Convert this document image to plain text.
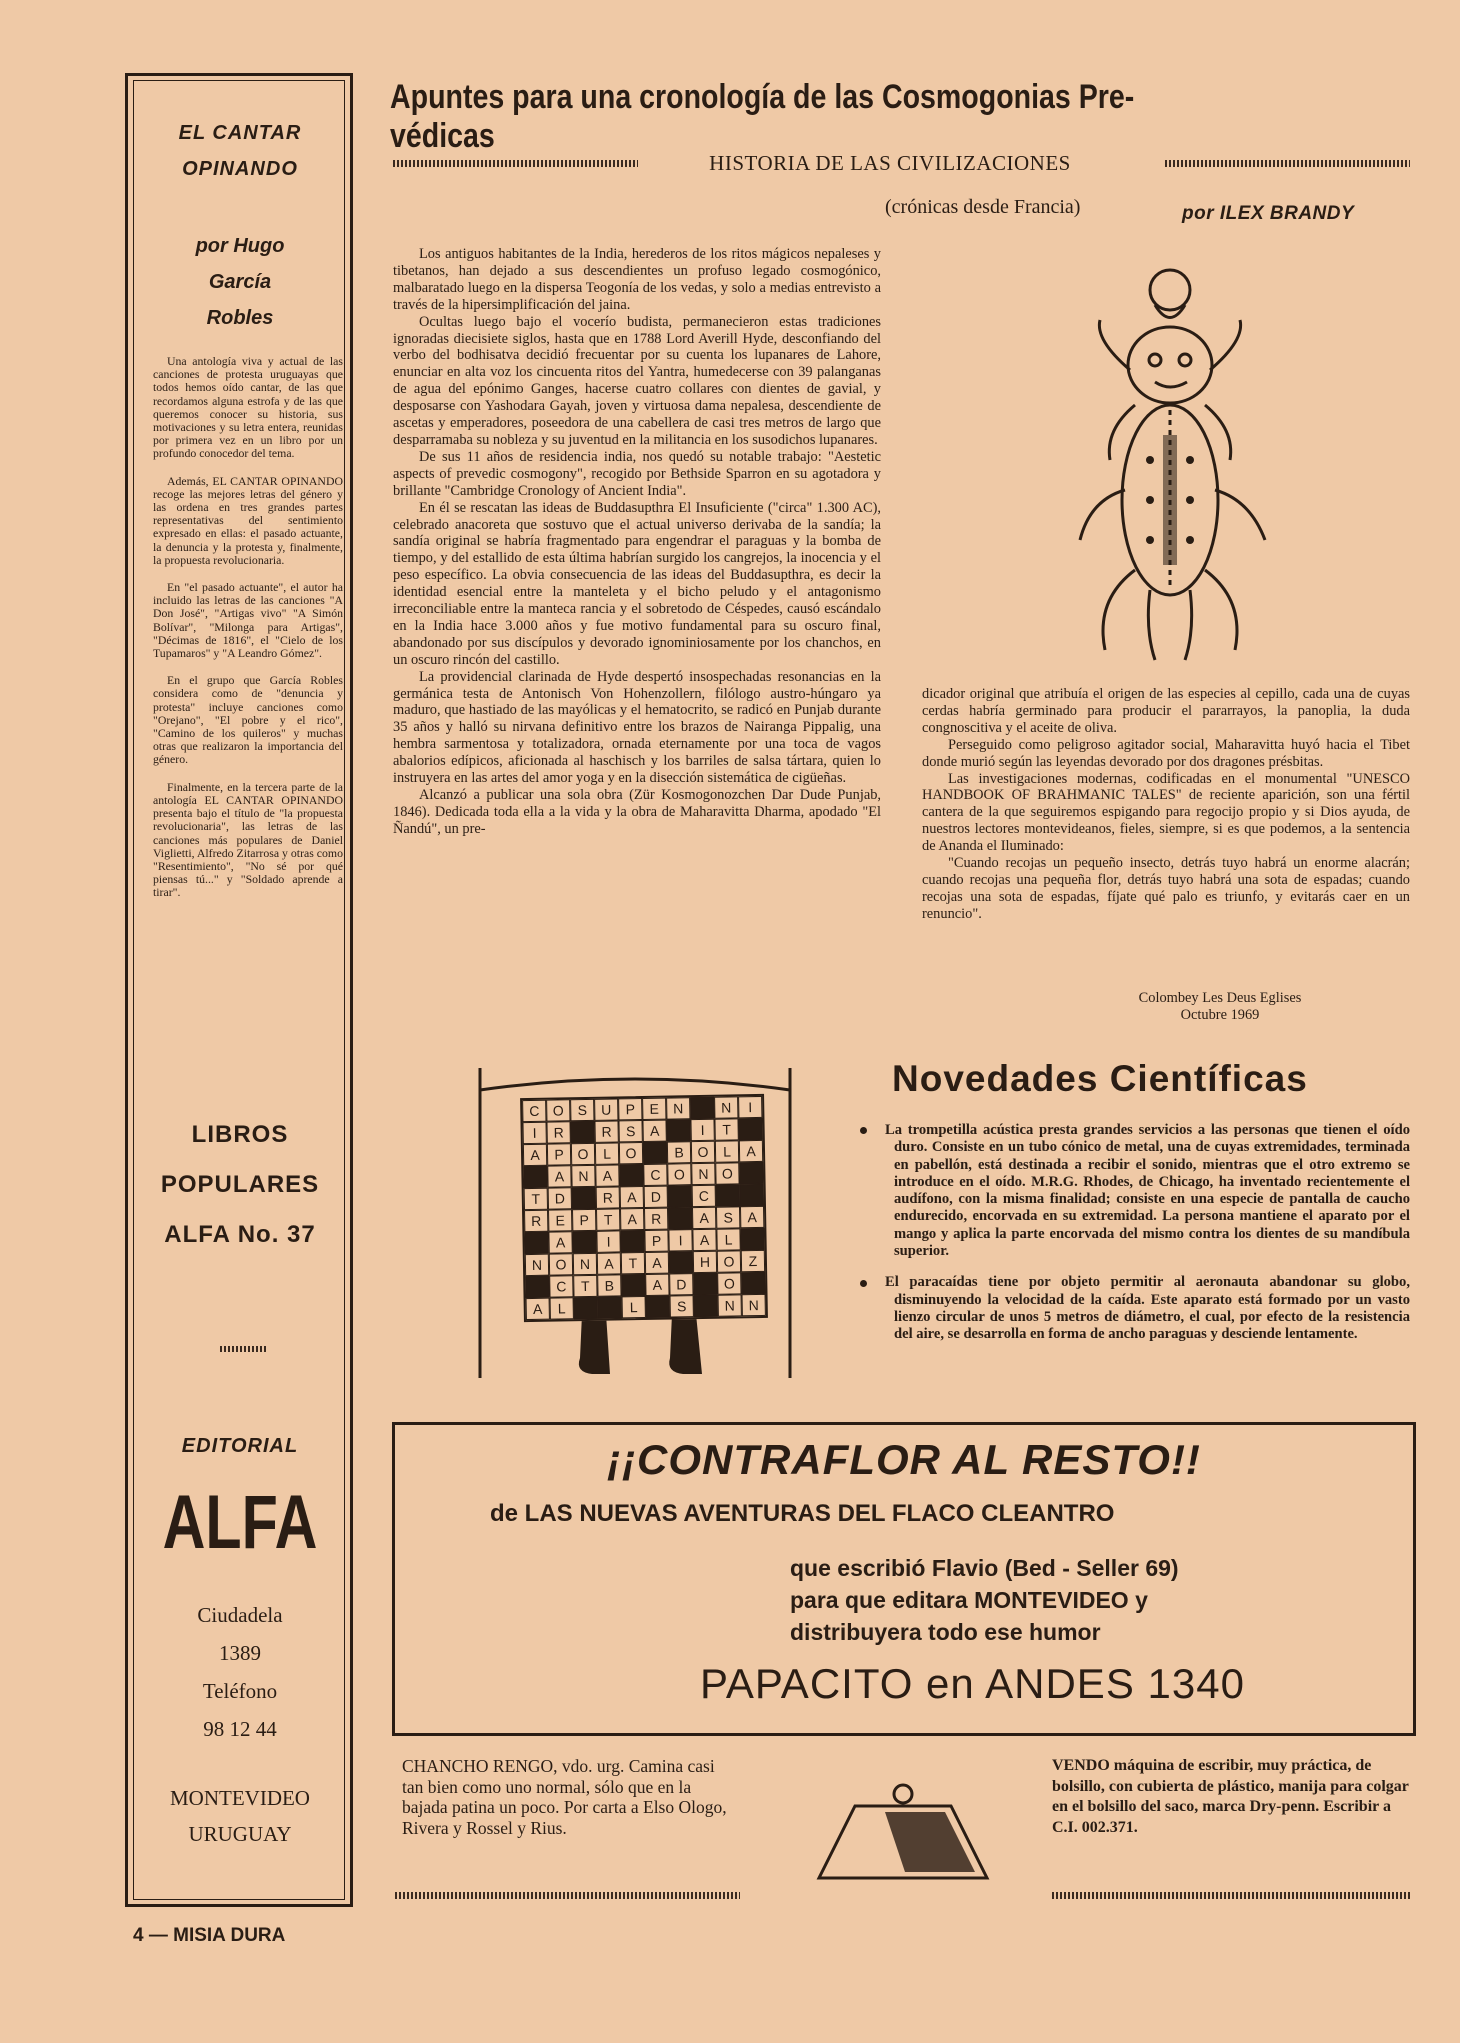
EL CANTAR
OPINANDO
por Hugo
García
Robles

Una antología viva y actual de las canciones de protesta uruguayas que todos hemos oído cantar, de las que recordamos alguna estrofa y de las que queremos conocer su historia, sus motivaciones y su letra entera, reunidas por primera vez en un libro por un profundo conocedor del tema.

Además, EL CANTAR OPINANDO recoge las mejores letras del género y las ordena en tres grandes partes representativas del sentimiento expresado en ellas: el pasado actuante, la denuncia y la protesta y, finalmente, la propuesta revolucionaria.

En "el pasado actuante", el autor ha incluido las letras de las canciones "A Don José", "Artigas vivo" "A Simón Bolívar", "Milonga para Artigas", "Décimas de 1816", el "Cielo de los Tupamaros" y "A Leandro Gómez".

En el grupo que García Robles considera como de "denuncia y protesta" incluye canciones como "Orejano", "El pobre y el rico", "Camino de los quileros" y muchas otras que realizaron la importancia del género.

Finalmente, en la tercera parte de la antología EL CANTAR OPINANDO presenta bajo el título de "la propuesta revolucionaria", las letras de las canciones más populares de Daniel Viglietti, Alfredo Zitarrosa y otras como "Resentimiento", "No sé por qué piensas tú..." y "Soldado aprende a tirar".

LIBROS
POPULARES
ALFA No. 37
EDITORIAL
ALFA
Ciudadela
1389
Teléfono
98 12 44
MONTEVIDEO
URUGUAY
4 — MISIA DURA
Apuntes para una cronología de las Cosmogonias Pre-védicas
HISTORIA DE LAS CIVILIZACIONES
(crónicas desde Francia)	por ILEX BRANDY

Los antiguos habitantes de la India, herederos de los ritos mágicos nepaleses y tibetanos, han dejado a sus descendientes un profuso legado cosmogónico, malbaratado luego en la dispersa Teogonía de los vedas, y solo a medias entrevisto a través de la hipersimplificación del jaina.

Ocultas luego bajo el vocerío budista, permanecieron estas tradiciones ignoradas diecisiete siglos, hasta que en 1788 Lord Averill Hyde, desconfiando del verbo del bodhisatva decidió frecuentar por su cuenta los lupanares de Lahore, enunciar en alta voz los cincuenta ritos del Yantra, humedecerse con 39 palanganas de agua del epónimo Ganges, hacerse cuatro collares con dientes de gavial, y desposarse con Yashodara Gayah, joven y virtuosa dama nepalesa, descendiente de ascetas y emperadores, poseedora de una cabellera de casi tres metros de largo que desparramaba su nobleza y su juventud en la militancia en los susodichos lupanares.

De sus 11 años de residencia india, nos quedó su notable trabajo: "Aestetic aspects of prevedic cosmogony", recogido por Bethside Sparron en su agotadora y brillante "Cambridge Cronology of Ancient India".

En él se rescatan las ideas de Buddasupthra El Insuficiente ("circa" 1.300 AC), celebrado anacoreta que sostuvo que el actual universo derivaba de la sandía; la sandía original se habría fragmentado para engendrar el paraguas y la bomba de tiempo, y del estallido de esta última habrían surgido los cangrejos, la inocencia y el peso específico. La obvia consecuencia de las ideas del Buddasupthra, es decir la identidad esencial entre la manteleta y el bicho peludo y el antagonismo irreconciliable entre la manteca rancia y el sobretodo de Céspedes, causó escándalo en la India hace 3.000 años y fue motivo fundamental para su oscuro final, abandonado por sus discípulos y devorado ignominiosamente por los chanchos, en un oscuro rincón del castillo.

La providencial clarinada de Hyde despertó insospechadas resonancias en la germánica testa de Antonisch Von Hohenzollern, filólogo austro-húngaro ya maduro, que hastiado de las mayólicas y el hematocrito, se radicó en Punjab durante 35 años y halló su nirvana definitivo entre los brazos de Nairanga Pippalig, una hembra sarmentosa y totalizadora, ornada eternamente por una toca de vagos abalorios edípicos, aficionada al haschisch y los barriles de salsa tártara, quien lo instruyera en las artes del amor yoga y en la disección sistemática de cigüeñas.

Alcanzó a publicar una sola obra (Zür Kosmogonozchen Dar Dude Punjab, 1846). Dedicada toda ella a la vida y la obra de Maharavitta Dharma, apodado "El Ñandú", un pre-

dicador original que atribuía el origen de las especies al cepillo, cada una de cuyas cerdas habría germinado para producir el pararrayos, la panoplia, la duda congnoscitiva y el aceite de oliva.

Perseguido como peligroso agitador social, Maharavitta huyó hacia el Tibet donde murió según las leyendas devorado por dos dragones présbitas.

Las investigaciones modernas, codificadas en el monumental "UNESCO HANDBOOK OF BRAHMANIC TALES" de reciente aparición, son una fértil cantera de la que seguiremos espigando para regocijo propio y si Dios ayuda, de nuestros lectores montevideanos, fieles, siempre, si es que podemos, a la sentencia de Ananda el Iluminado:

"Cuando recojas un pequeño insecto, detrás tuyo habrá un enorme alacrán; cuando recojas una pequeña flor, detrás tuyo habrá una sota de espadas; cuando recojas una sota de espadas, fíjate qué palo es triunfo, y evitarás caer en un renuncio".

Colombey Les Deus Eglises
Octubre 1969
C O S U P	E N	N	I
I	R	R S	A	I	T
A	P O	L	O	B O	L	A
A N A	C O N O
T	D	R A D	C
R E	P	T	A R	A	S	A
A	I	P	I	A	L
N O N A	T	A	H O Z
C	T	B	A D	O
A	L	L	S	N N
Novedades Científicas
La trompetilla acústica presta grandes servicios a las personas que tienen el oído duro. Consiste en un tubo cónico de metal, una de cuyas extremidades, terminada en pabellón, está destinada a recibir el sonido, mientras que el otro extremo se introduce en el oído. M.R.G. Rhodes, de Chicago, ha inventado recientemente el audífono, con la misma finalidad; consiste en una especie de pantalla de caucho endurecido, encorvada en su extremidad. La persona mantiene el aparato por el mango y aplica la parte encorvada del mismo contra los dientes de su mandíbula superior.
El paracaídas tiene por objeto permitir al aeronauta abandonar su globo, disminuyendo la velocidad de la caída. Este aparato está formado por un vasto lienzo circular de unos 5 metros de diámetro, el cual, por efecto de la resistencia del aire, se desarrolla en forma de ancho paraguas y desciende lentamente.
¡¡CONTRAFLOR AL RESTO!!
de LAS NUEVAS AVENTURAS DEL FLACO CLEANTRO
que escribió Flavio (Bed - Seller 69)
para que editara MONTEVIDEO y
distribuyera todo ese humor
PAPACITO en ANDES 1340
CHANCHO RENGO, vdo. urg. Camina casi tan bien como uno normal, sólo que en la bajada patina un poco. Por carta a Elso Ologo, Rivera y Rossel y Rius.
VENDO máquina de escribir, muy práctica, de bolsillo, con cubierta de plástico, manija para colgar en el bolsillo del saco, marca Dry-penn. Escribir a C.I. 002.371.
